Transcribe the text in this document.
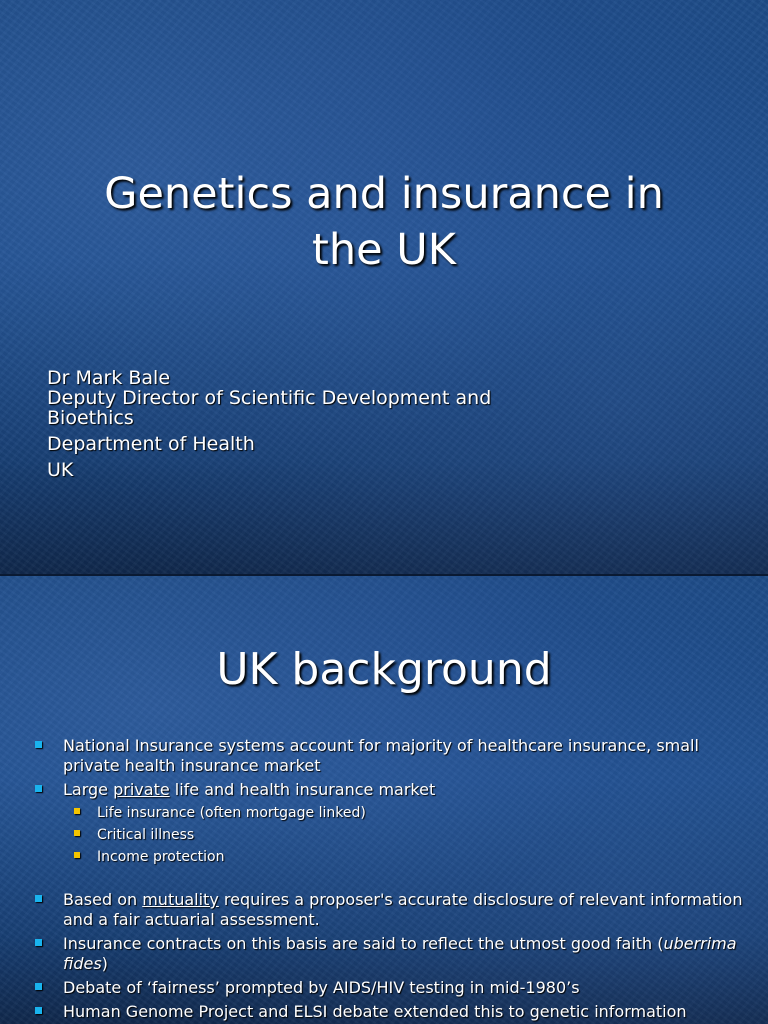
Genetics and insurance in
the UK
Dr Mark Bale
Deputy Director of Scientific Development and
Bioethics
Department of Health
UK
UK background
National Insurance systems account for majority of healthcare insurance, small private health insurance market
Large private life and health insurance market
Life insurance (often mortgage linked)
Critical illness
Income protection
Based on mutuality requires a proposer's accurate disclosure of relevant information and a fair actuarial assessment.
Insurance contracts on this basis are said to reflect the utmost good faith (uberrima fides)
Debate of ‘fairness’ prompted by AIDS/HIV testing in mid-1980’s
Human Genome Project and ELSI debate extended this to genetic information
